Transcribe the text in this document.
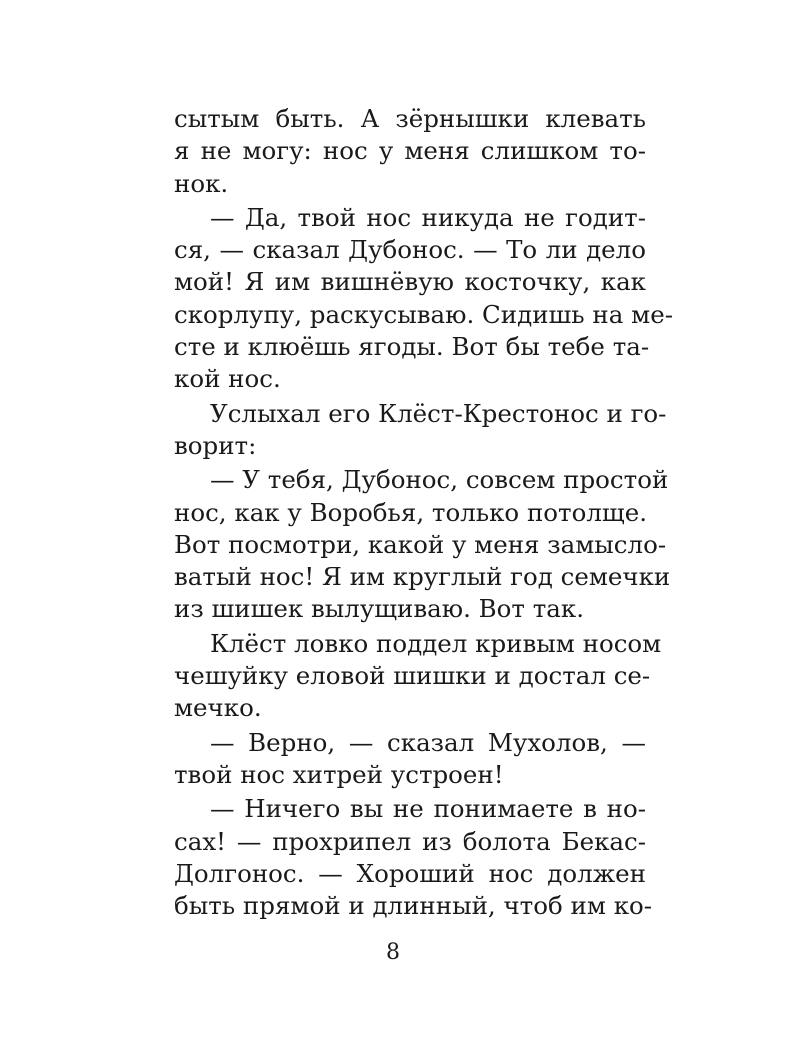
сытым быть. А зёрнышки клевать
я не могу: нос у меня слишком то-
нок.
— Да, твой нос никуда не годит-
ся, — сказал Дубонос. — То ли дело
мой! Я им вишнёвую косточку, как
скорлупу, раскусываю. Сидишь на ме-
сте и клюёшь ягоды. Вот бы тебе та-
кой нос.
Услыхал его Клёст-Крестонос и го-
ворит:
— У тебя, Дубонос, совсем простой
нос, как у Воробья, только потолще.
Вот посмотри, какой у меня замысло-
ватый нос! Я им круглый год семечки
из шишек вылущиваю. Вот так.
Клёст ловко поддел кривым носом
чешуйку еловой шишки и достал се-
мечко.
— Верно, — сказал Мухолов, —
твой нос хитрей устроен!
— Ничего вы не понимаете в но-
сах! — прохрипел из болота Бекас-
Долгонос. — Хороший нос должен
быть прямой и длинный, чтоб им ко-
8
